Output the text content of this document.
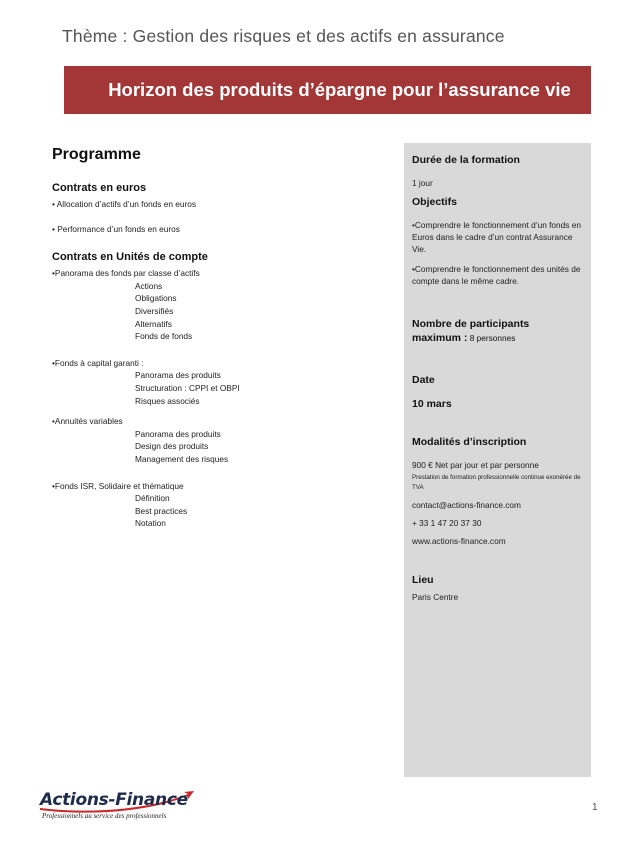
Thème : Gestion des risques et des actifs en assurance
Horizon des produits d’épargne pour l’assurance vie

Programme

Contrats en euros

• Allocation d’actifs d’un fonds en euros

• Performance d’un fonds en euros

Contrats en Unités de compte

•Panorama des fonds par classe d’actifs

Actions

Obligations

Diversifiés

Alternatifs

Fonds de fonds

•Fonds à capital garanti :

Panorama des produits

Structuration : CPPI et OBPI

Risques associés

•Annuités variables

Panorama des produits

Design des produits

Management des risques

•Fonds ISR, Solidaire et thématique

Définition

Best practices

Notation

Durée de la formation

1 jour

Objectifs

•Comprendre le fonctionnement d’un fonds en Euros dans le cadre d’un contrat Assurance Vie.

•Comprendre le fonctionnement des unités de compte dans le même cadre.

Nombre de participants maximum : 8 personnes

Date

10 mars

Modalités d’inscription

900 € Net par jour et par personne

Prestation de formation professionnelle continue exonérée de TVA

contact@actions-finance.com

+ 33 1 47 20 37 30

www.actions-finance.com

Lieu

Paris Centre

Actions-Finance
Professionnels au service des professionnels
1
